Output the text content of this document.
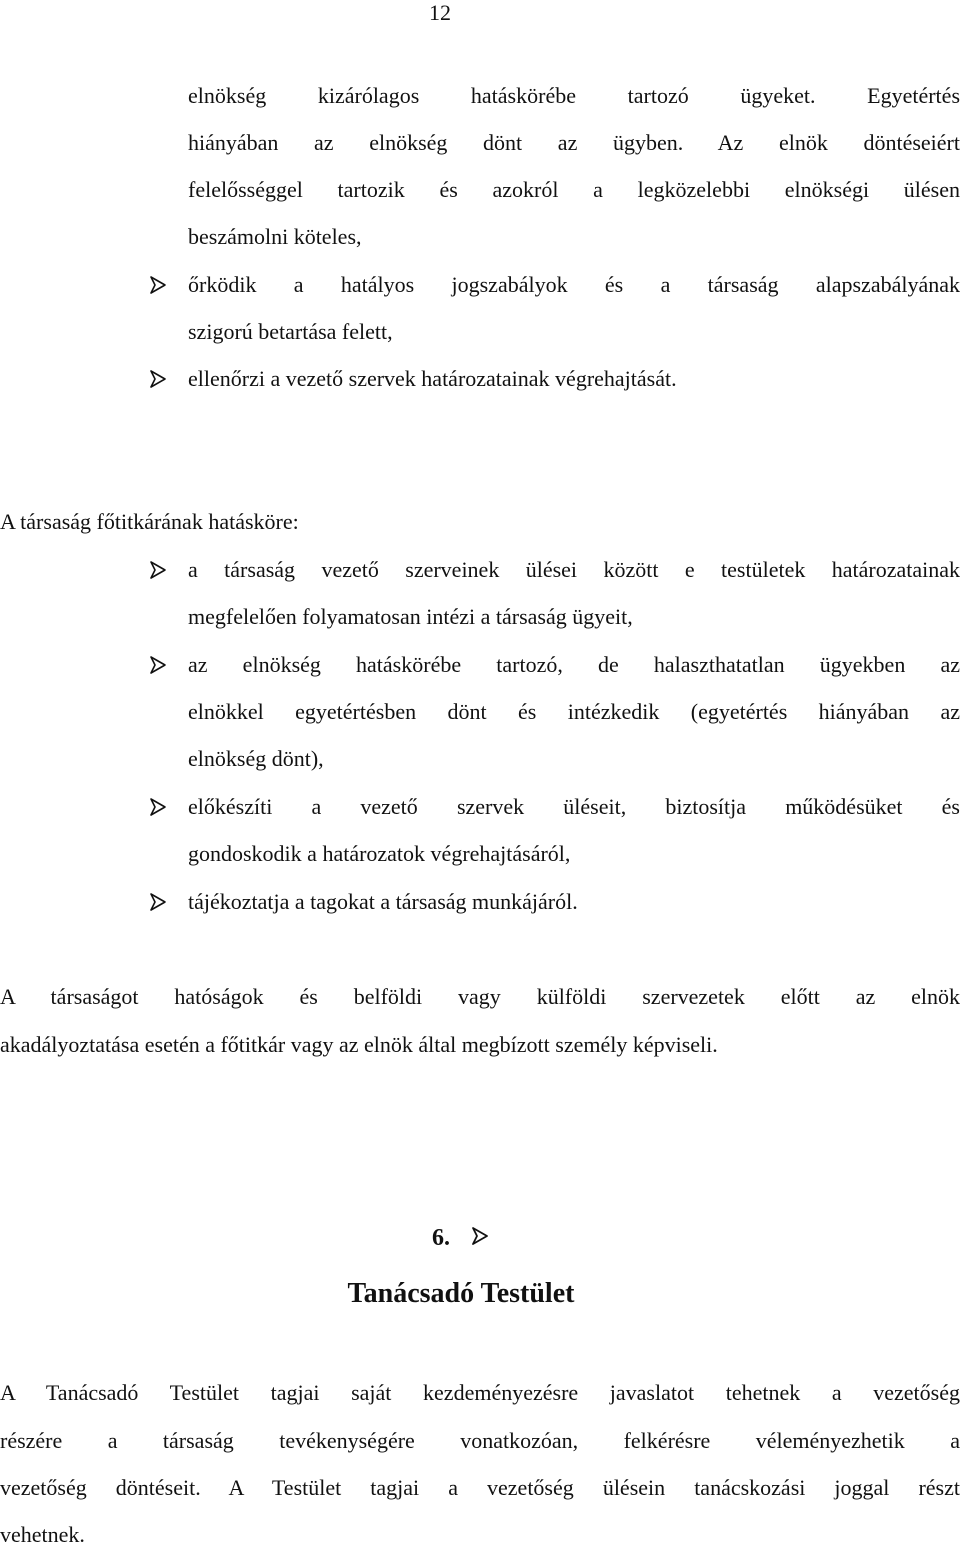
12
elnökség kizárólagos hatáskörébe tartozó ügyeket. Egyetértés
hiányában az elnökség dönt az ügyben. Az elnök döntéseiért
felelősséggel tartozik és azokról a legközelebbi elnökségi ülésen
beszámolni köteles,
őrködik a hatályos jogszabályok és a társaság alapszabályának
szigorú betartása felett,
ellenőrzi a vezető szervek határozatainak végrehajtását.
A társaság főtitkárának hatásköre:
a társaság vezető szerveinek ülései között e testületek határozatainak
megfelelően folyamatosan intézi a társaság ügyeit,
az elnökség hatáskörébe tartozó, de halaszthatatlan ügyekben az
elnökkel egyetértésben dönt és intézkedik (egyetértés hiányában az
elnökség dönt),
előkészíti a vezető szervek üléseit, biztosítja működésüket és
gondoskodik a határozatok végrehajtásáról,
tájékoztatja a tagokat a társaság munkájáról.
A társaságot hatóságok és belföldi vagy külföldi szervezetek előtt az elnök
akadályoztatása esetén a főtitkár vagy az elnök által megbízott személy képviseli.
6.
Tanácsadó Testület
A Tanácsadó Testület tagjai saját kezdeményezésre javaslatot tehetnek a vezetőség
részére a társaság tevékenységére vonatkozóan, felkérésre véleményezhetik a
vezetőség döntéseit. A Testület tagjai a vezetőség ülésein tanácskozási joggal részt
vehetnek.
